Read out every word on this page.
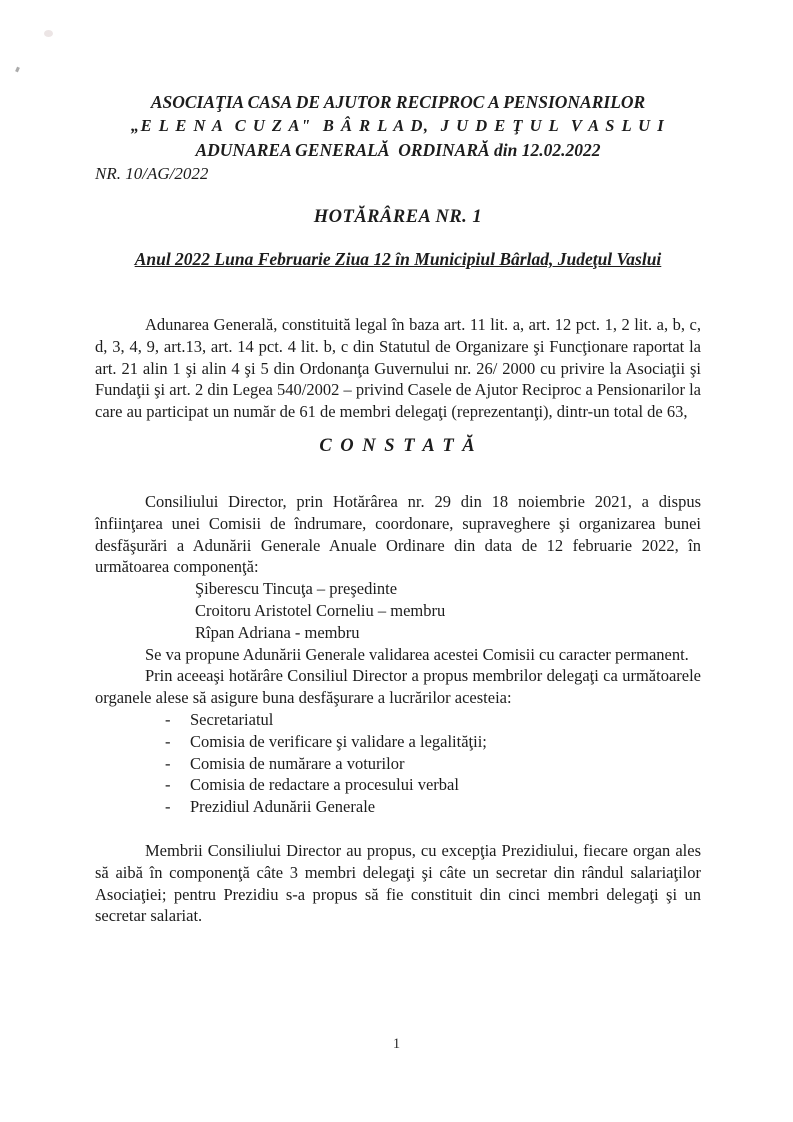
ASOCIAŢIA CASA DE AJUTOR RECIPROC A PENSIONARILOR
„E L E N A  C U Z A"  B Â R L A D,  J U D E Ţ U L  V A S L U I
ADUNAREA GENERALĂ  ORDINARĂ din 12.02.2022
NR. 10/AG/2022
HOTĂRÂREA NR. 1
Anul 2022 Luna Februarie Ziua 12 în Municipiul Bârlad, Judeţul Vaslui

Adunarea Generală, constituită legal în baza art. 11 lit. a, art. 12 pct. 1, 2 lit. a, b, c, d, 3, 4, 9, art.13, art. 14 pct. 4 lit. b, c din Statutul de Organizare şi Funcţionare raportat la art. 21 alin 1 şi alin 4 şi 5 din Ordonanţa Guvernului nr. 26/ 2000 cu privire la Asociaţii şi Fundaţii şi art. 2 din Legea 540/2002 – privind Casele de Ajutor Reciproc a Pensionarilor la care au participat un număr de 61 de membri delegaţi (reprezentanţi), dintr-un total de 63,

C O N S T A T Ă

Consiliului Director, prin Hotărârea nr. 29 din 18 noiembrie 2021, a dispus înfiinţarea unei Comisii de îndrumare, coordonare, supraveghere şi organizarea bunei desfăşurări a Adunării Generale Anuale Ordinare din data de 12 februarie 2022, în următoarea componenţă:

Şiberescu Tincuţa – preşedinte
Croitoru Aristotel Corneliu – membru
Rîpan Adriana - membru

Se va propune Adunării Generale validarea acestei Comisii cu caracter permanent.

Prin aceeaşi hotărâre Consiliul Director a propus membrilor delegaţi ca următoarele organele alese să asigure buna desfăşurare a lucrărilor acesteia:

-	Secretariatul
-	Comisia de verificare şi validare a legalităţii;
-	Comisia de numărare a voturilor
-	Comisia de redactare a procesului verbal
-	Prezidiul Adunării Generale

Membrii Consiliului Director au propus, cu excepţia Prezidiului, fiecare organ ales să aibă în componenţă câte 3 membri delegaţi şi câte un secretar din rândul salariaţilor Asociaţiei; pentru Prezidiu s-a propus să fie constituit din cinci membri delegaţi şi un secretar salariat.

1
